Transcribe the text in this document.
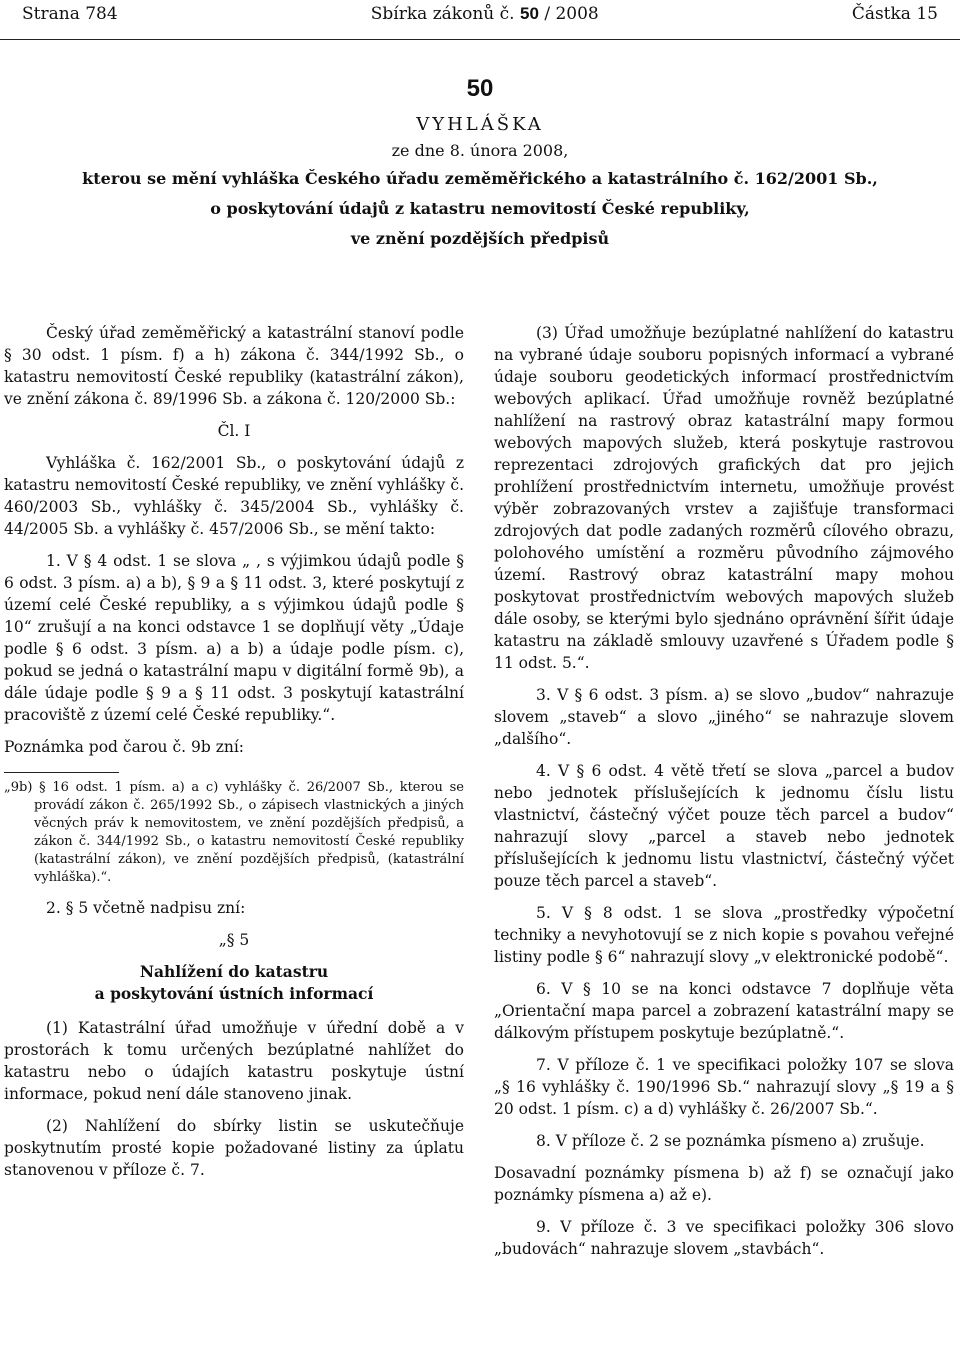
Strana 784	Sbírka zákonů č. 50 / 2008	Částka 15
50
VYHLÁŠKA
ze dne 8. února 2008,
kterou se mění vyhláška Českého úřadu zeměměřického a katastrálního č. 162/2001 Sb.,
o poskytování údajů z katastru nemovitostí České republiky,
ve znění pozdějších předpisů

Český úřad zeměměřický a katastrální stanoví podle § 30 odst. 1 písm. f) a h) zákona č. 344/1992 Sb., o katastru nemovitostí České republiky (katastrální zákon), ve znění zákona č. 89/1996 Sb. a zákona č. 120/2000 Sb.:

Čl. I

Vyhláška č. 162/2001 Sb., o poskytování údajů z katastru nemovitostí České republiky, ve znění vyhlášky č. 460/2003 Sb., vyhlášky č. 345/2004 Sb., vyhlášky č. 44/2005 Sb. a vyhlášky č. 457/2006 Sb., se mění takto:

1. V § 4 odst. 1 se slova „ , s výjimkou údajů podle § 6 odst. 3 písm. a) a b), § 9 a § 11 odst. 3, které poskytují z území celé České republiky, a s výjimkou údajů podle § 10“ zrušují a na konci odstavce 1 se doplňují věty „Údaje podle § 6 odst. 3 písm. a) a b) a údaje podle písm. c), pokud se jedná o katastrální mapu v digitální formě 9b), a dále údaje podle § 9 a § 11 odst. 3 poskytují katastrální pracoviště z území celé České republiky.“.

Poznámka pod čarou č. 9b zní:

„9b) § 16 odst. 1 písm. a) a c) vyhlášky č. 26/2007 Sb., kterou se provádí zákon č. 265/1992 Sb., o zápisech vlastnických a jiných věcných práv k nemovitostem, ve znění pozdějších předpisů, a zákon č. 344/1992 Sb., o katastru nemovitostí České republiky (katastrální zákon), ve znění pozdějších předpisů, (katastrální vyhláška).“.

2. § 5 včetně nadpisu zní:

„§ 5

Nahlížení do katastru
a poskytování ústních informací

(1) Katastrální úřad umožňuje v úřední době a v prostorách k tomu určených bezúplatné nahlížet do katastru nebo o údajích katastru poskytuje ústní informace, pokud není dále stanoveno jinak.

(2) Nahlížení do sbírky listin se uskutečňuje poskytnutím prosté kopie požadované listiny za úplatu stanovenou v příloze č. 7.

(3) Úřad umožňuje bezúplatné nahlížení do katastru na vybrané údaje souboru popisných informací a vybrané údaje souboru geodetických informací prostřednictvím webových aplikací. Úřad umožňuje rovněž bezúplatné nahlížení na rastrový obraz katastrální mapy formou webových mapových služeb, která poskytuje rastrovou reprezentaci zdrojových grafických dat pro jejich prohlížení prostřednictvím internetu, umožňuje provést výběr zobrazovaných vrstev a zajišťuje transformaci zdrojových dat podle zadaných rozměrů cílového obrazu, polohového umístění a rozměru původního zájmového území. Rastrový obraz katastrální mapy mohou poskytovat prostřednictvím webových mapových služeb dále osoby, se kterými bylo sjednáno oprávnění šířit údaje katastru na základě smlouvy uzavřené s Úřadem podle § 11 odst. 5.“.

3. V § 6 odst. 3 písm. a) se slovo „budov“ nahrazuje slovem „staveb“ a slovo „jiného“ se nahrazuje slovem „dalšího“.

4. V § 6 odst. 4 větě třetí se slova „parcel a budov nebo jednotek příslušejících k jednomu číslu listu vlastnictví, částečný výčet pouze těch parcel a budov“ nahrazují slovy „parcel a staveb nebo jednotek příslušejících k jednomu listu vlastnictví, částečný výčet pouze těch parcel a staveb“.

5. V § 8 odst. 1 se slova „prostředky výpočetní techniky a nevyhotovují se z nich kopie s povahou veřejné listiny podle § 6“ nahrazují slovy „v elektronické podobě“.

6. V § 10 se na konci odstavce 7 doplňuje věta „Orientační mapa parcel a zobrazení katastrální mapy se dálkovým přístupem poskytuje bezúplatně.“.

7. V příloze č. 1 ve specifikaci položky 107 se slova „§ 16 vyhlášky č. 190/1996 Sb.“ nahrazují slovy „§ 19 a § 20 odst. 1 písm. c) a d) vyhlášky č. 26/2007 Sb.“.

8. V příloze č. 2 se poznámka písmeno a) zrušuje.

Dosavadní poznámky písmena b) až f) se označují jako poznámky písmena a) až e).

9. V příloze č. 3 ve specifikaci položky 306 slovo „budovách“ nahrazuje slovem „stavbách“.
